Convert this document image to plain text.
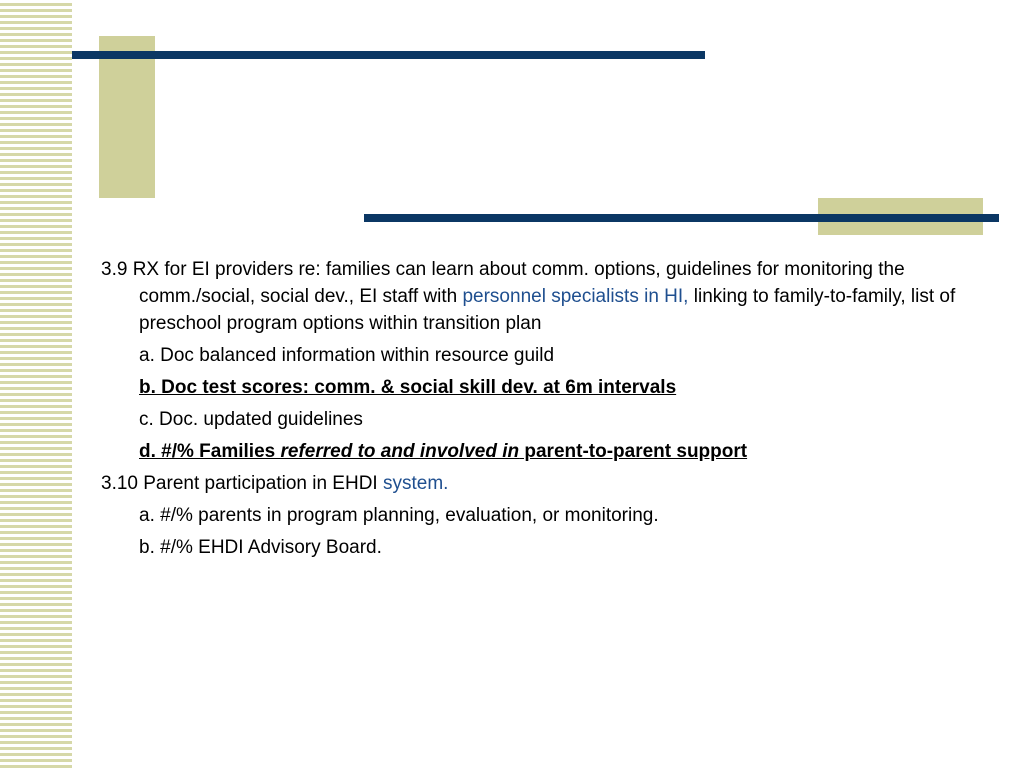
3.9 RX for EI providers re: families can learn about comm. options, guidelines for monitoring the comm./social, social dev., EI staff with personnel specialists in HI, linking to family-to-family, list of preschool program options within transition plan
a. Doc balanced information within resource guild
b. Doc test scores: comm. & social skill dev. at 6m intervals
c. Doc. updated guidelines
d. #/% Families referred to and involved in parent-to-parent support
3.10 Parent participation in EHDI system.
a. #/% parents in program planning, evaluation, or monitoring.
b. #/% EHDI Advisory Board.
